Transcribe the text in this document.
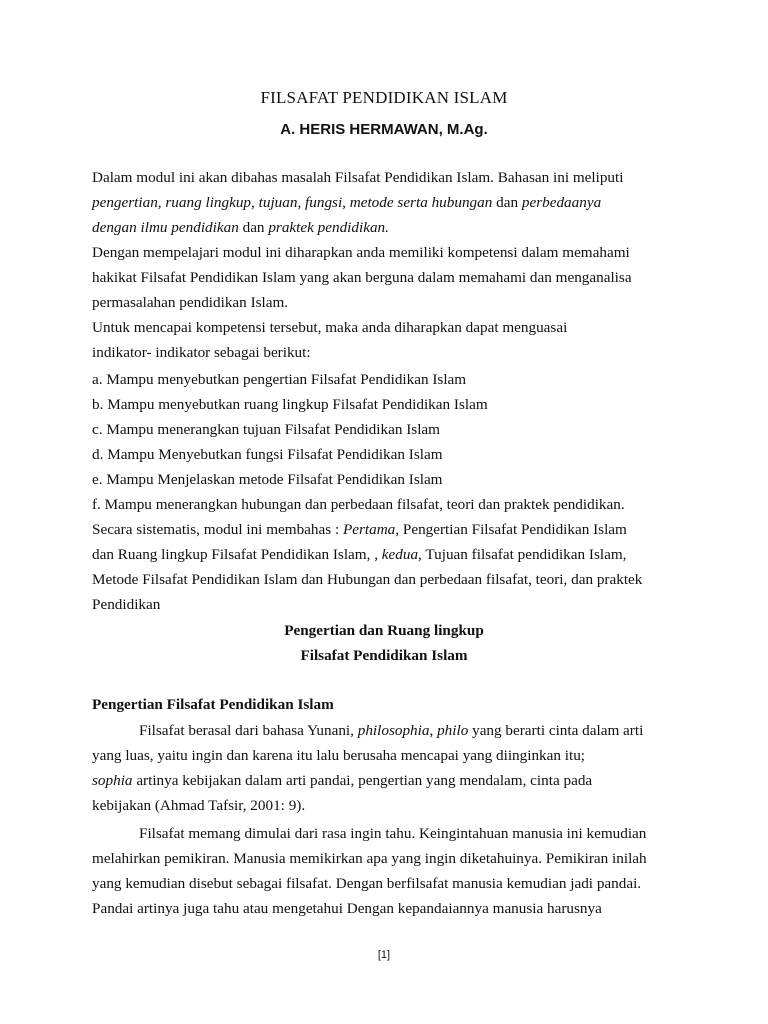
FILSAFAT PENDIDIKAN ISLAM
A. HERIS HERMAWAN, M.Ag.
Dalam modul ini akan dibahas masalah Filsafat Pendidikan Islam. Bahasan ini meliputi
pengertian, ruang lingkup, tujuan, fungsi, metode serta hubungan dan perbedaanya
dengan ilmu pendidikan dan praktek pendidikan.
Dengan mempelajari modul ini diharapkan anda memiliki kompetensi dalam memahami
hakikat Filsafat Pendidikan Islam yang akan berguna dalam memahami dan menganalisa
permasalahan pendidikan Islam.
Untuk mencapai kompetensi tersebut, maka anda diharapkan dapat menguasai
indikator- indikator sebagai berikut:
a. Mampu menyebutkan pengertian Filsafat Pendidikan Islam
b. Mampu menyebutkan ruang lingkup Filsafat Pendidikan Islam
c. Mampu menerangkan tujuan Filsafat Pendidikan Islam
d. Mampu Menyebutkan fungsi Filsafat Pendidikan Islam
e. Mampu Menjelaskan metode Filsafat Pendidikan Islam
f. Mampu menerangkan hubungan dan perbedaan filsafat, teori dan praktek pendidikan.
Secara sistematis, modul ini membahas : Pertama, Pengertian Filsafat Pendidikan Islam
dan Ruang lingkup Filsafat Pendidikan Islam, , kedua, Tujuan filsafat pendidikan Islam,
Metode Filsafat Pendidikan Islam dan Hubungan dan perbedaan filsafat, teori, dan praktek
Pendidikan
Pengertian dan Ruang lingkup
Filsafat Pendidikan Islam
Pengertian Filsafat Pendidikan Islam
Filsafat berasal dari bahasa Yunani, philosophia, philo yang berarti cinta dalam arti
yang luas, yaitu ingin dan karena itu lalu berusaha mencapai yang diinginkan itu;
sophia artinya kebijakan dalam arti pandai, pengertian yang mendalam, cinta pada
kebijakan (Ahmad Tafsir, 2001: 9).
Filsafat memang dimulai dari rasa ingin tahu. Keingintahuan manusia ini kemudian
melahirkan pemikiran. Manusia memikirkan apa yang ingin diketahuinya. Pemikiran inilah
yang kemudian disebut sebagai filsafat. Dengan berfilsafat manusia kemudian jadi pandai.
Pandai artinya juga tahu atau mengetahui Dengan kepandaiannya manusia harusnya
[1]
